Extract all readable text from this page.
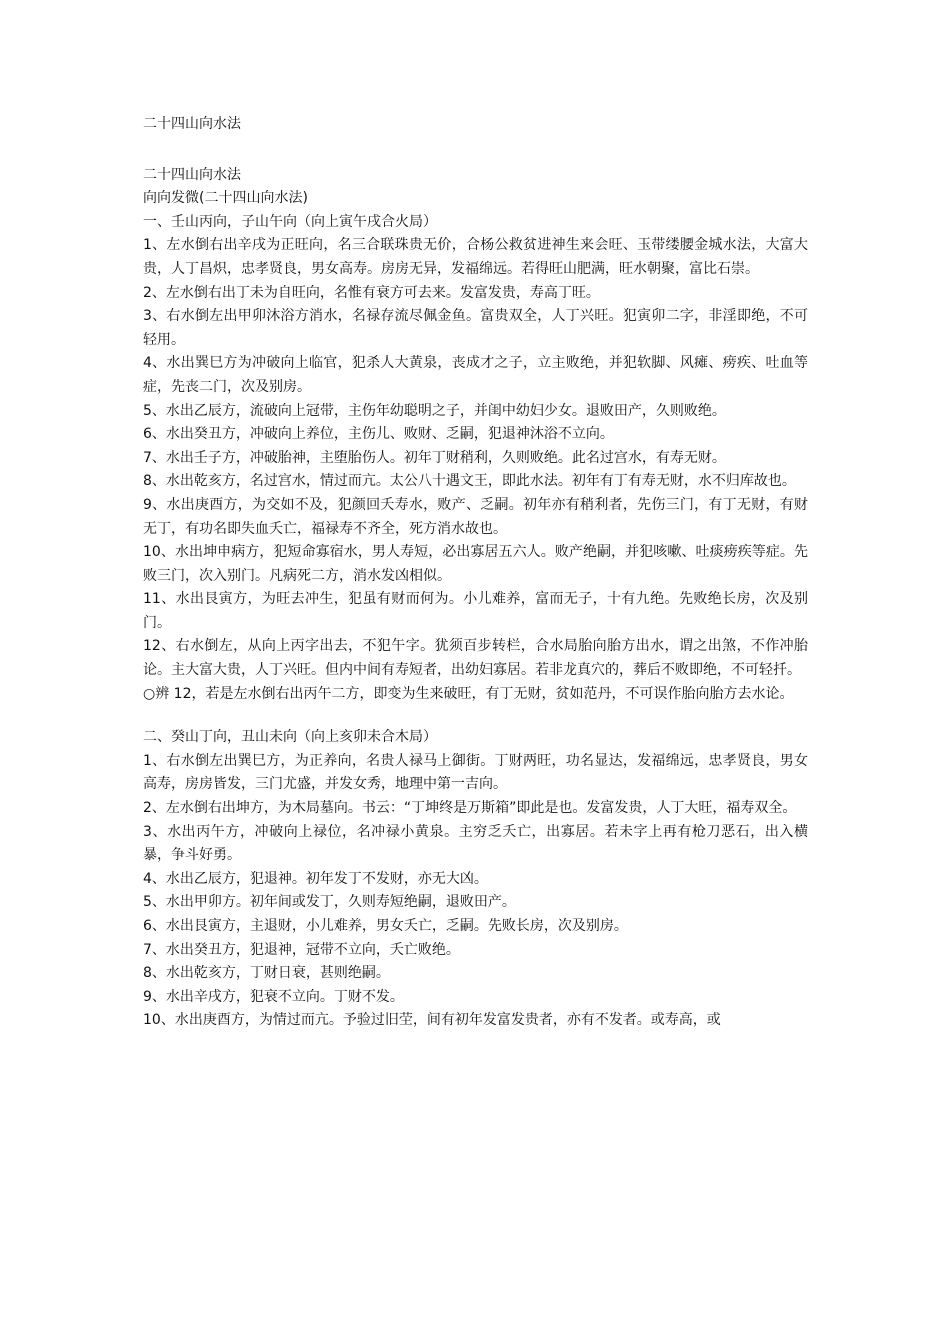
二十四山向水法

二十四山向水法

向向发微(二十四山向水法)

一、壬山丙向，子山午向（向上寅午戌合火局）

1、左水倒右出辛戌为正旺向，名三合联珠贵无价，合杨公救贫进神生来会旺、玉带缕腰金城水法，大富大贵，人丁昌炽，忠孝贤良，男女高寿。房房无异，发福绵远。若得旺山肥满，旺水朝聚，富比石崇。

2、左水倒右出丁未为自旺向，名惟有衰方可去来。发富发贵，寿高丁旺。

3、右水倒左出甲卯沐浴方消水，名禄存流尽佩金鱼。富贵双全，人丁兴旺。犯寅卯二字，非淫即绝，不可轻用。

4、水出巽巳方为冲破向上临官，犯杀人大黄泉，丧成才之子，立主败绝，并犯软脚、风瘫、痨疾、吐血等症，先丧二门，次及别房。

5、水出乙辰方，流破向上冠带，主伤年幼聪明之子，并闺中幼妇少女。退败田产，久则败绝。

6、水出癸丑方，冲破向上养位，主伤儿、败财、乏嗣，犯退神沐浴不立向。

7、水出壬子方，冲破胎神，主堕胎伤人。初年丁财稍利，久则败绝。此名过宫水，有寿无财。

8、水出乾亥方，名过宫水，情过而亢。太公八十遇文王，即此水法。初年有丁有寿无财，水不归库故也。

9、水出庚酉方，为交如不及，犯颜回夭寿水，败产、乏嗣。初年亦有稍利者，先伤三门，有丁无财，有财无丁，有功名即失血夭亡，福禄寿不齐全，死方消水故也。

10、水出坤申病方，犯短命寡宿水，男人寿短，必出寡居五六人。败产绝嗣，并犯咳嗽、吐痰痨疾等症。先败三门，次入别门。凡病死二方，消水发凶相似。

11、水出艮寅方，为旺去冲生，犯虽有财而何为。小儿难养，富而无子，十有九绝。先败绝长房，次及别门。

12、右水倒左，从向上丙字出去，不犯午字。犹须百步转栏，合水局胎向胎方出水，谓之出煞，不作冲胎论。主大富大贵，人丁兴旺。但内中间有寿短者，出幼妇寡居。若非龙真穴的，葬后不败即绝，不可轻扦。

○辨 12，若是左水倒右出丙午二方，即变为生来破旺，有丁无财，贫如范丹，不可误作胎向胎方去水论。

二、癸山丁向，丑山未向（向上亥卯未合木局）

1、右水倒左出巽巳方，为正养向，名贵人禄马上御街。丁财两旺，功名显达，发福绵远，忠孝贤良，男女高寿，房房皆发，三门尤盛，并发女秀，地理中第一吉向。

2、左水倒右出坤方，为木局墓向。书云：“丁坤终是万斯箱”即此是也。发富发贵，人丁大旺，福寿双全。

3、水出丙午方，冲破向上禄位，名冲禄小黄泉。主穷乏夭亡，出寡居。若未字上再有枪刀恶石，出入横暴，争斗好勇。

4、水出乙辰方，犯退神。初年发丁不发财，亦无大凶。

5、水出甲卯方。初年间或发丁，久则寿短绝嗣，退败田产。

6、水出艮寅方，主退财，小儿难养，男女夭亡，乏嗣。先败长房，次及别房。

7、水出癸丑方，犯退神，冠带不立向，夭亡败绝。

8、水出乾亥方，丁财日衰，甚则绝嗣。

9、水出辛戌方，犯衰不立向。丁财不发。

10、水出庚酉方，为情过而亢。予验过旧茔，间有初年发富发贵者，亦有不发者。或寿高，或
